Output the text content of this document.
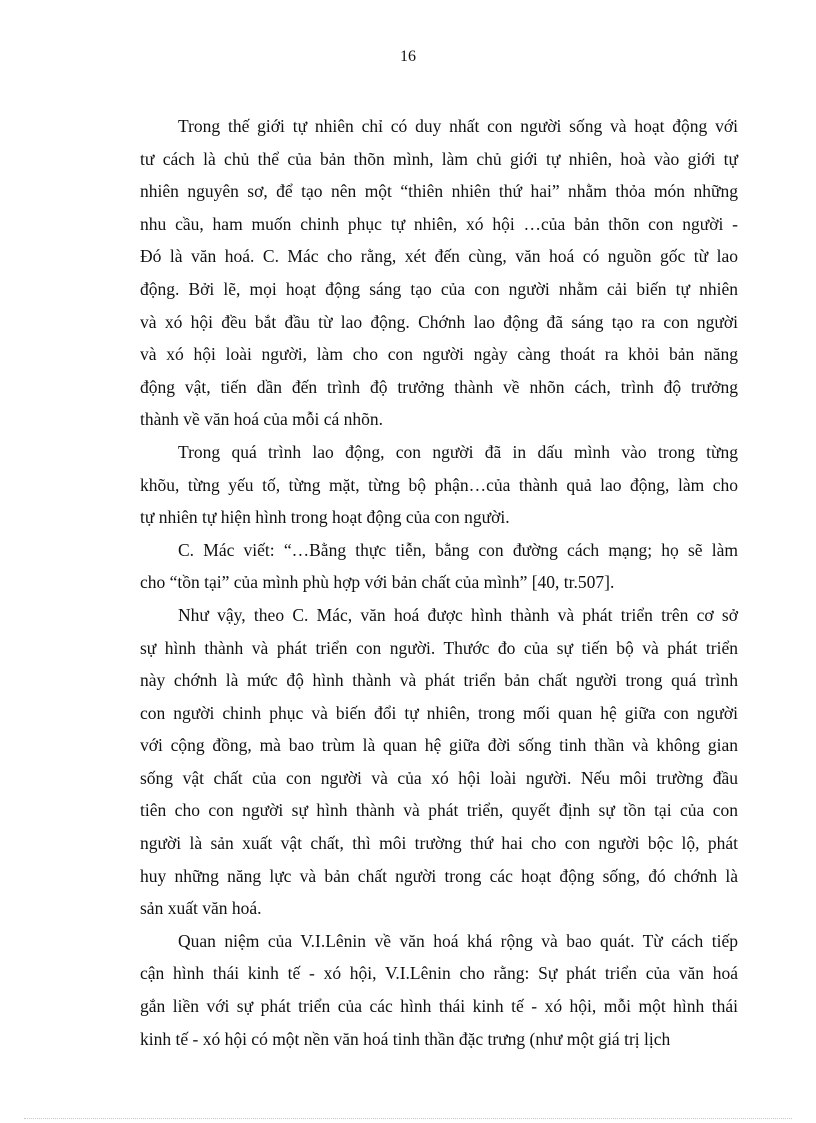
16
Trong thế giới tự nhiên chỉ có duy nhất con người sống và hoạt động với
tư cách là chủ thể của bản thõn mình, làm chủ giới tự nhiên, hoà vào giới tự
nhiên nguyên sơ, để tạo nên một “thiên nhiên thứ hai” nhằm thỏa món những
nhu cầu, ham muốn chinh phục tự nhiên, xó hội …của bản thõn con người -
Đó là văn hoá. C. Mác cho rằng, xét đến cùng, văn hoá có nguồn gốc từ lao
động. Bởi lẽ, mọi hoạt động sáng tạo của con người nhằm cải biến tự nhiên
và xó hội đều bắt đầu từ lao động. Chớnh lao động đã sáng tạo ra con người
và xó hội loài người, làm cho con người ngày càng thoát ra khỏi bản năng
động vật, tiến dần đến trình độ trưởng thành về nhõn cách, trình độ trưởng
thành về văn hoá của mỗi cá nhõn.
Trong quá trình lao động, con người đã in dấu mình vào trong từng
khõu, từng yếu tố, từng mặt, từng bộ phận…của thành quả lao động, làm cho
tự nhiên tự hiện hình trong hoạt động của con người.
C. Mác viết: “…Bằng thực tiễn, bằng con đường cách mạng; họ sẽ làm
cho “tồn tại” của mình phù hợp với bản chất của mình” [40, tr.507].
Như vậy, theo C. Mác, văn hoá được hình thành và phát triển trên cơ sở
sự hình thành và phát triển con người. Thước đo của sự tiến bộ và phát triển
này chớnh là mức độ hình thành và phát triển bản chất người trong quá trình
con người chinh phục và biến đổi tự nhiên, trong mối quan hệ giữa con người
với cộng đồng, mà bao trùm là quan hệ giữa đời sống tinh thần và không gian
sống vật chất của con người và của xó hội loài người. Nếu môi trường đầu
tiên cho con người sự hình thành và phát triển, quyết định sự tồn tại của con
người là sản xuất vật chất, thì môi trường thứ hai cho con người bộc lộ, phát
huy những năng lực và bản chất người trong các hoạt động sống, đó chớnh là
sản xuất văn hoá.
Quan niệm của V.I.Lênin về văn hoá khá rộng và bao quát. Từ cách tiếp
cận hình thái kinh tế - xó hội, V.I.Lênin cho rằng: Sự phát triển của văn hoá
gắn liền với sự phát triển của các hình thái kinh tế - xó hội, mỗi một hình thái
kinh tế - xó hội có một nền văn hoá tinh thần đặc trưng (như một giá trị lịch
